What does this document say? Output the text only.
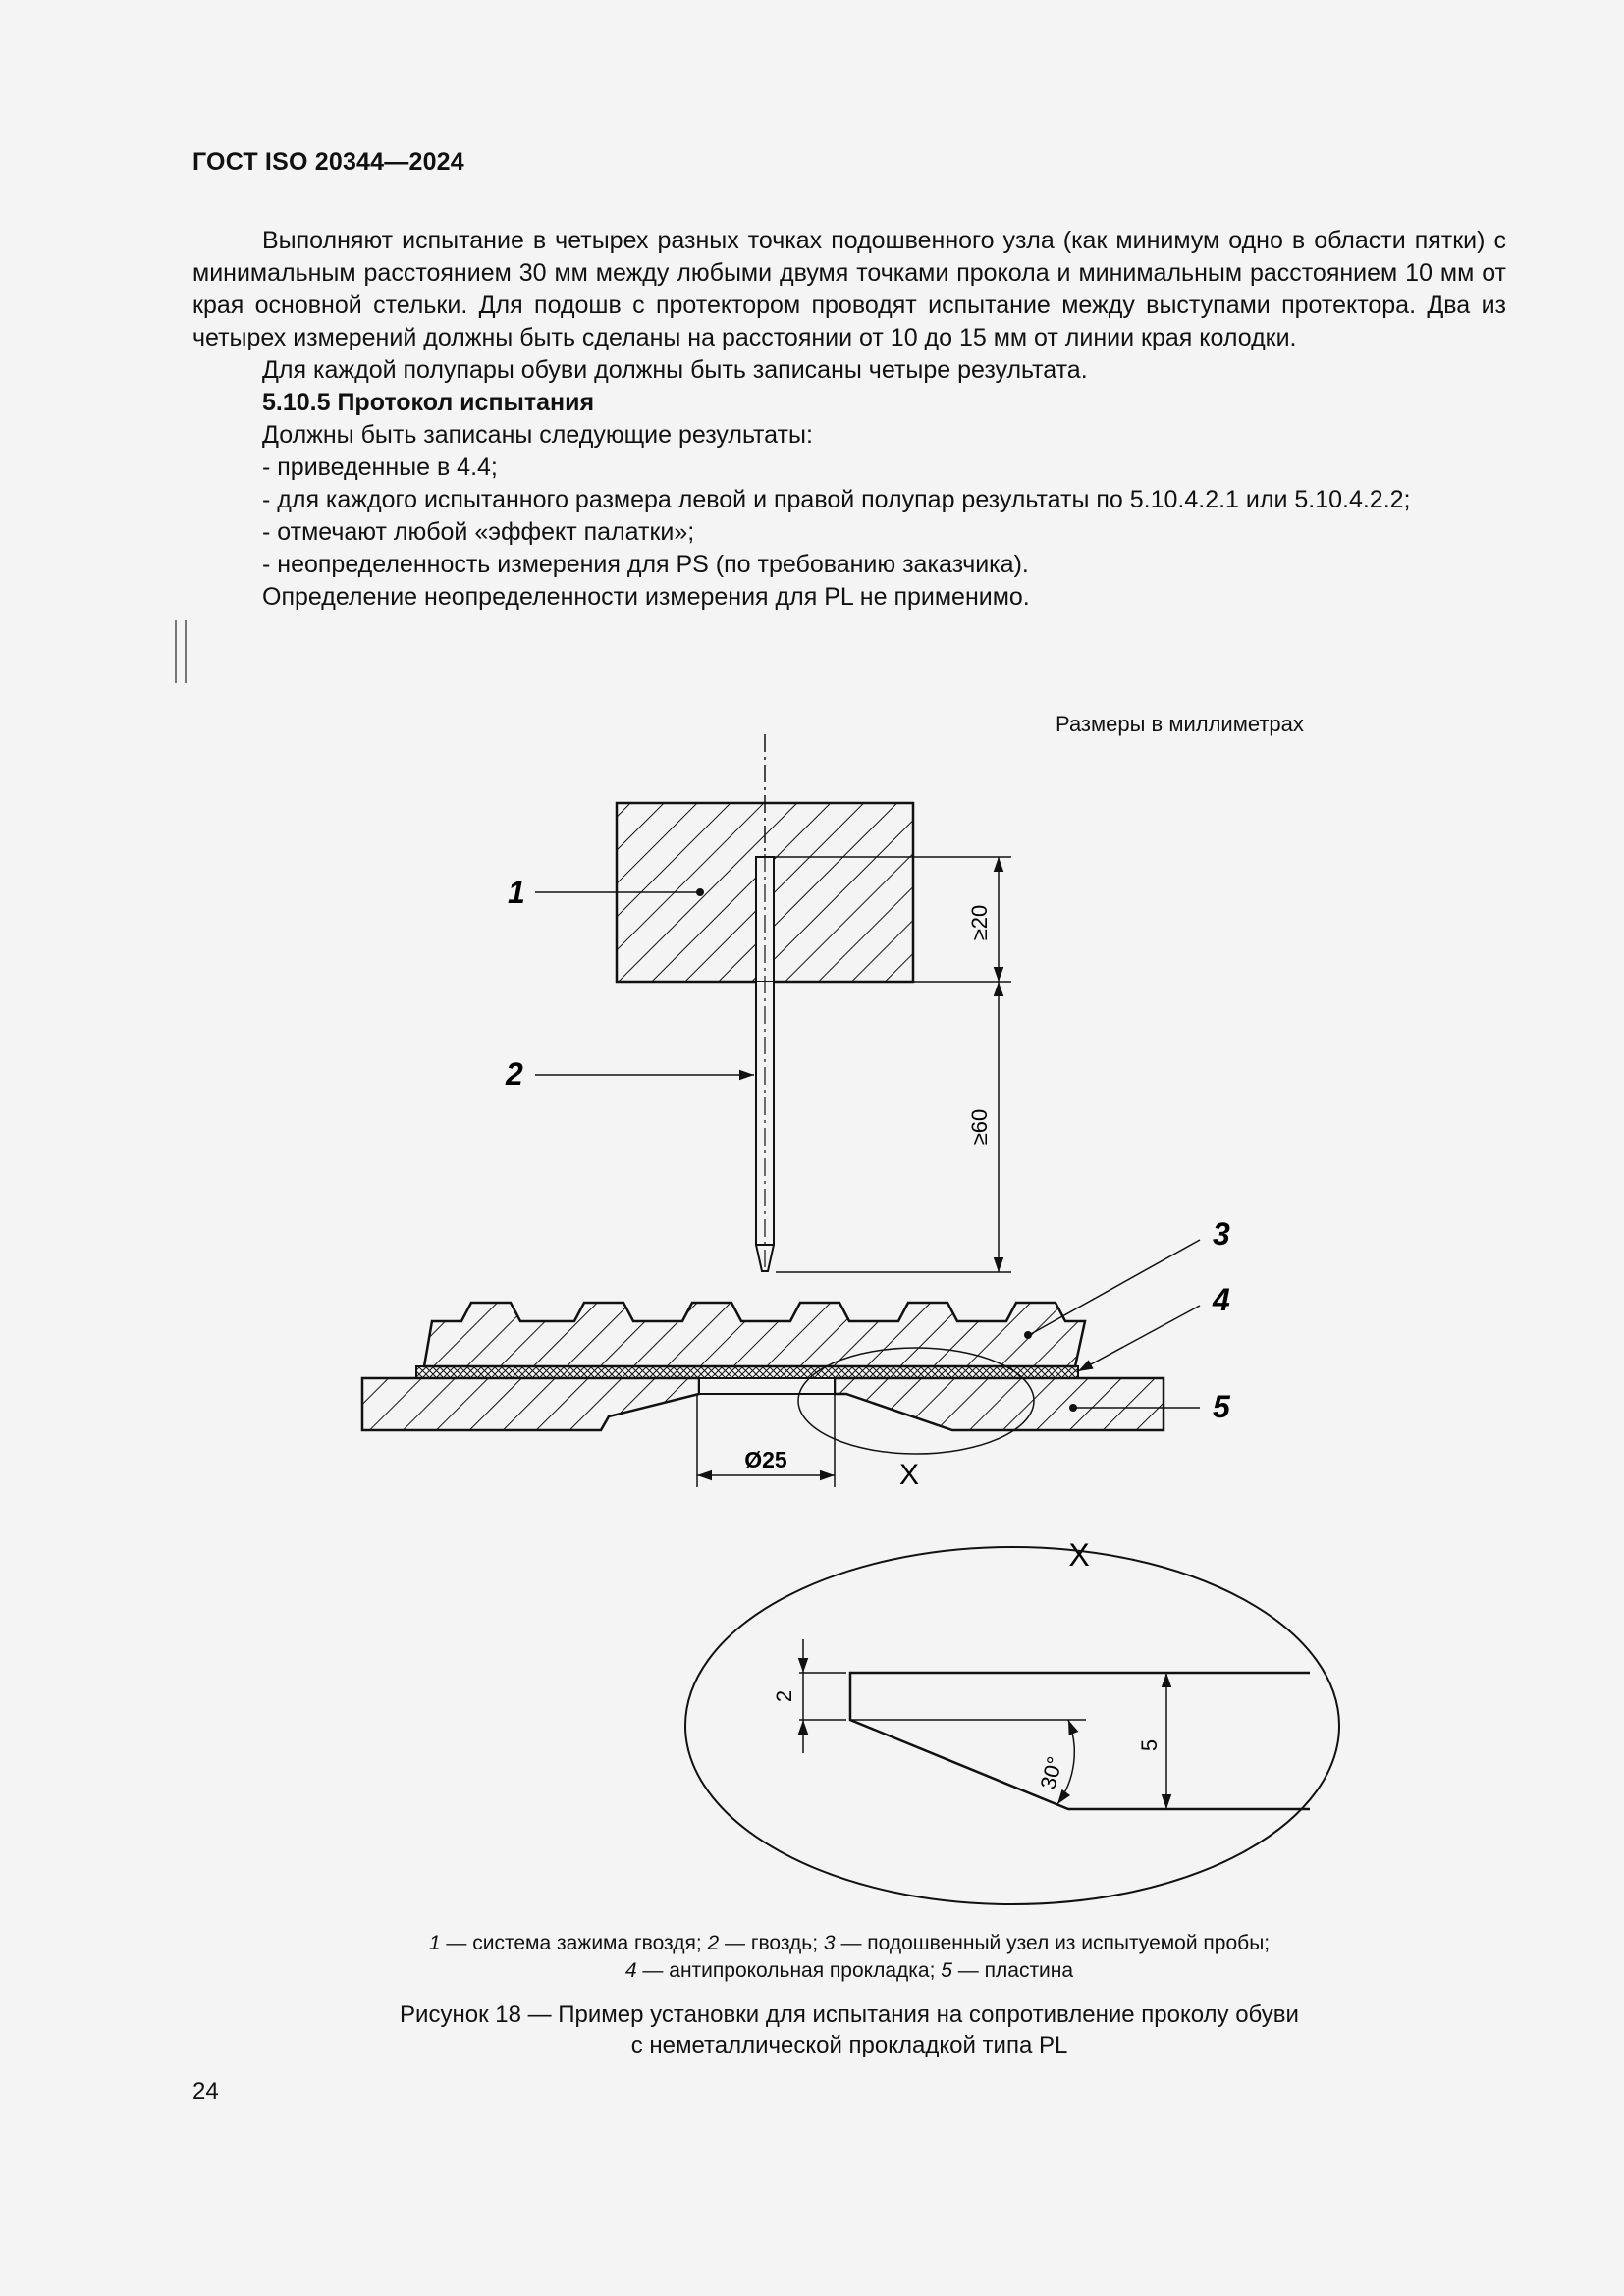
ГОСТ ISO 20344—2024

Выполняют испытание в четырех разных точках подошвенного узла (как минимум одно в области пятки) с минимальным расстоянием 30 мм между любыми двумя точками прокола и минимальным расстоянием 10 мм от края основной стельки. Для подошв с протектором проводят испытание между выступами протектора. Два из четырех измерений должны быть сделаны на расстоянии от 10 до 15 мм от линии края колодки.

Для каждой полупары обуви должны быть записаны четыре результата.

5.10.5 Протокол испытания

Должны быть записаны следующие результаты:

- приведенные в 4.4;

- для каждого испытанного размера левой и правой полупар результаты по 5.10.4.2.1 или 5.10.4.2.2;

- отмечают любой «эффект палатки»;

- неопределенность измерения для PS (по требованию заказчика).

Определение неопределенности измерения для PL не применимо.

Размеры в миллиметрах
≥20
≥60
Ø25	X
1
2
3
4
5
X
30°
2
5
1 — система зажима гвоздя; 2 — гвоздь; 3 — подошвенный узел из испытуемой пробы;
4 — антипрокольная прокладка; 5 — пластина
Рисунок 18 — Пример установки для испытания на сопротивление проколу обуви
с неметаллической прокладкой типа PL
24
